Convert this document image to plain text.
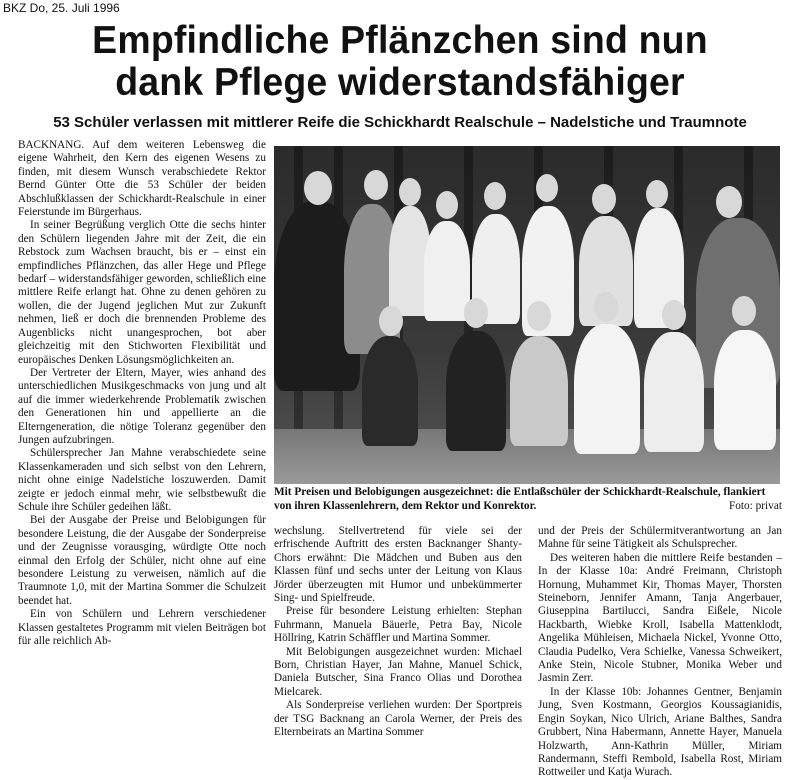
BKZ Do, 25. Juli 1996
Empfindliche Pflänzchen sind nun
dank Pflege widerstandsfähiger
53 Schüler verlassen mit mittlerer Reife die Schickhardt Realschule – Nadelstiche und Traumnote

BACKNANG. Auf dem weiteren Lebensweg die eigene Wahrheit, den Kern des eigenen Wesens zu finden, mit diesem Wunsch verabschiedete Rektor Bernd Günter Otte die 53 Schüler der beiden Abschlußklassen der Schickhardt-Realschule in einer Feierstunde im Bürgerhaus.

In seiner Begrüßung verglich Otte die sechs hinter den Schülern liegenden Jahre mit der Zeit, die ein Rebstock zum Wachsen braucht, bis er – einst ein empfindliches Pflänzchen, das aller Hege und Pflege bedarf – widerstandsfähiger geworden, schließlich eine mittlere Reife erlangt hat. Ohne zu denen gehören zu wollen, die der Jugend jeglichen Mut zur Zukunft nehmen, ließ er doch die brennenden Probleme des Augenblicks nicht unangesprochen, bot aber gleichzeitig mit den Stichworten Flexibilität und europäisches Denken Lösungsmöglichkeiten an.

Der Vertreter der Eltern, Mayer, wies anhand des unterschiedlichen Musikgeschmacks von jung und alt auf die immer wiederkehrende Problematik zwischen den Generationen hin und appellierte an die Elterngeneration, die nötige Toleranz gegenüber den Jungen aufzubringen.

Schülersprecher Jan Mahne verabschiedete seine Klassenkameraden und sich selbst von den Lehrern, nicht ohne einige Nadelstiche loszuwerden. Damit zeigte er jedoch einmal mehr, wie selbstbewußt die Schule ihre Schüler gedeihen läßt.

Bei der Ausgabe der Preise und Belobigungen für besondere Leistung, die der Ausgabe der Sonderpreise und der Zeugnisse vorausging, würdigte Otte noch einmal den Erfolg der Schüler, nicht ohne auf eine besondere Leistung zu verweisen, nämlich auf die Traumnote 1,0, mit der Martina Sommer die Schulzeit beendet hat.

Ein von Schülern und Lehrern verschiedener Klassen gestaltetes Programm mit vielen Beiträgen bot für alle reichlich Ab-

Mit Preisen und Belobigungen ausgezeichnet: die Entlaßschüler der Schickhardt-Realschule, flankiert von ihren Klassenlehrern, dem Rektor und Konrektor.	Foto: privat

wechslung. Stellvertretend für viele sei der erfrischende Auftritt des ersten Backnanger Shanty-Chors erwähnt: Die Mädchen und Buben aus den Klassen fünf und sechs unter der Leitung von Klaus Jörder überzeugten mit Humor und unbekümmerter Sing- und Spielfreude.

Preise für besondere Leistung erhielten: Stephan Fuhrmann, Manuela Bäuerle, Petra Bay, Nicole Höllring, Katrin Schäffler und Martina Sommer.

Mit Belobigungen ausgezeichnet wurden: Michael Born, Christian Hayer, Jan Mahne, Manuel Schick, Daniela Butscher, Sina Franco Olias und Dorothea Mielcarek.

Als Sonderpreise verliehen wurden: Der Sportpreis der TSG Backnang an Carola Werner, der Preis des Elternbeirats an Martina Sommer

und der Preis der Schülermitverantwortung an Jan Mahne für seine Tätigkeit als Schulsprecher.

Des weiteren haben die mittlere Reife bestanden – In der Klasse 10a: André Freimann, Christoph Hornung, Muhammet Kir, Thomas Mayer, Thorsten Steineborn, Jennifer Amann, Tanja Angerbauer, Giuseppina Bartilucci, Sandra Eißele, Nicole Hackbarth, Wiebke Kroll, Isabella Mattenklodt, Angelika Mühleisen, Michaela Nickel, Yvonne Otto, Claudia Pudelko, Vera Schielke, Vanessa Schweikert, Anke Stein, Nicole Stubner, Monika Weber und Jasmin Zerr.

In der Klasse 10b: Johannes Gentner, Benjamin Jung, Sven Kostmann, Georgios Koussagianidis, Engin Soykan, Nico Ulrich, Ariane Balthes, Sandra Grubbert, Nina Habermann, Annette Hayer, Manuela Holzwarth, Ann-Kathrin Müller, Miriam Randermann, Steffi Rembold, Isabella Rost, Miriam Rottweiler und Katja Wurach.
